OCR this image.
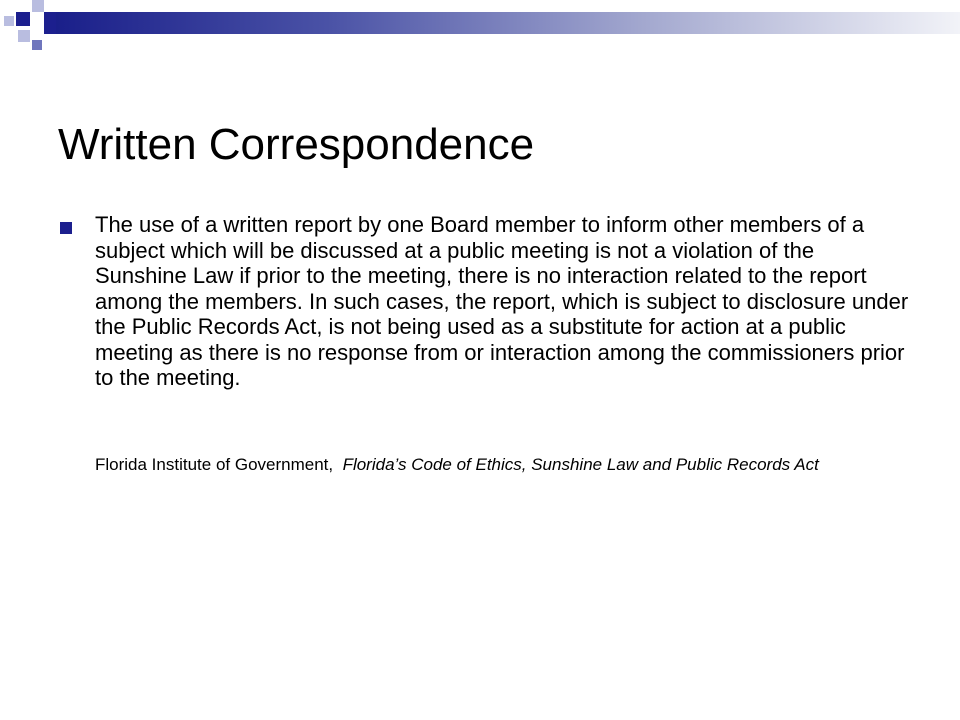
Written Correspondence
The use of a written report by one Board member to inform other members of a subject which will be discussed at a public meeting is not a violation of the Sunshine Law if prior to the meeting, there is no interaction related to the report among the members. In such cases, the report, which is subject to disclosure under the Public Records Act, is not being used as a substitute for action at a public meeting as there is no response from or interaction among the commissioners prior to the meeting.
Florida Institute of Government, Florida’s Code of Ethics, Sunshine Law and Public Records Act
